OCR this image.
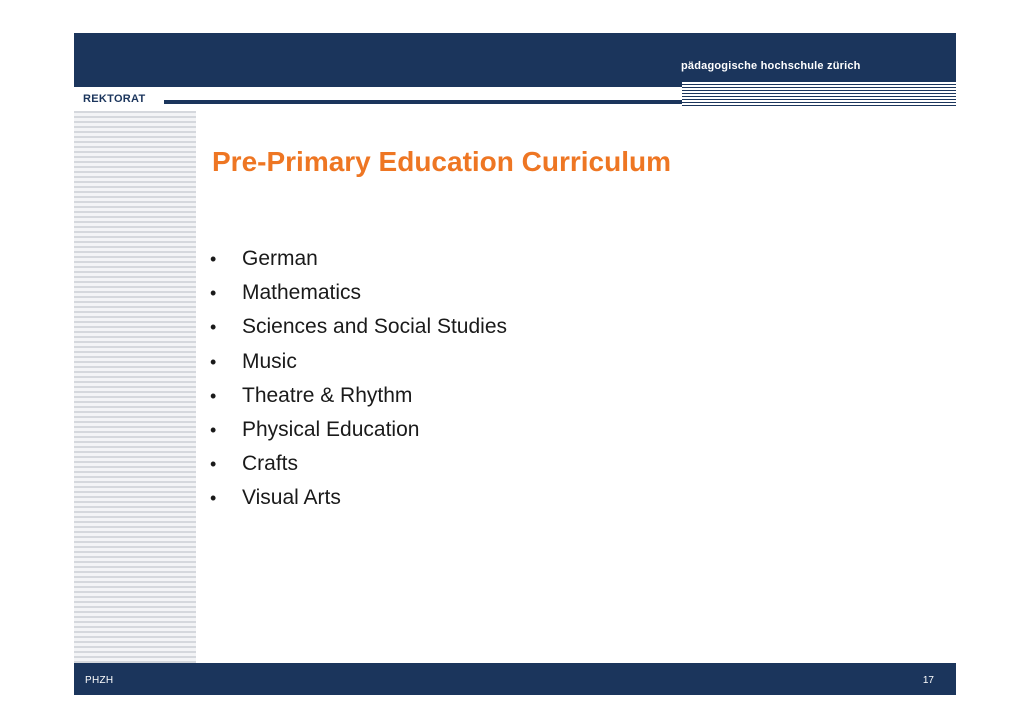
pädagogische hochschule zürich
REKTORAT
Pre-Primary Education Curriculum
• German
• Mathematics
• Sciences and Social Studies
• Music
• Theatre & Rhythm
• Physical Education
• Crafts
• Visual Arts
PHZH	17
